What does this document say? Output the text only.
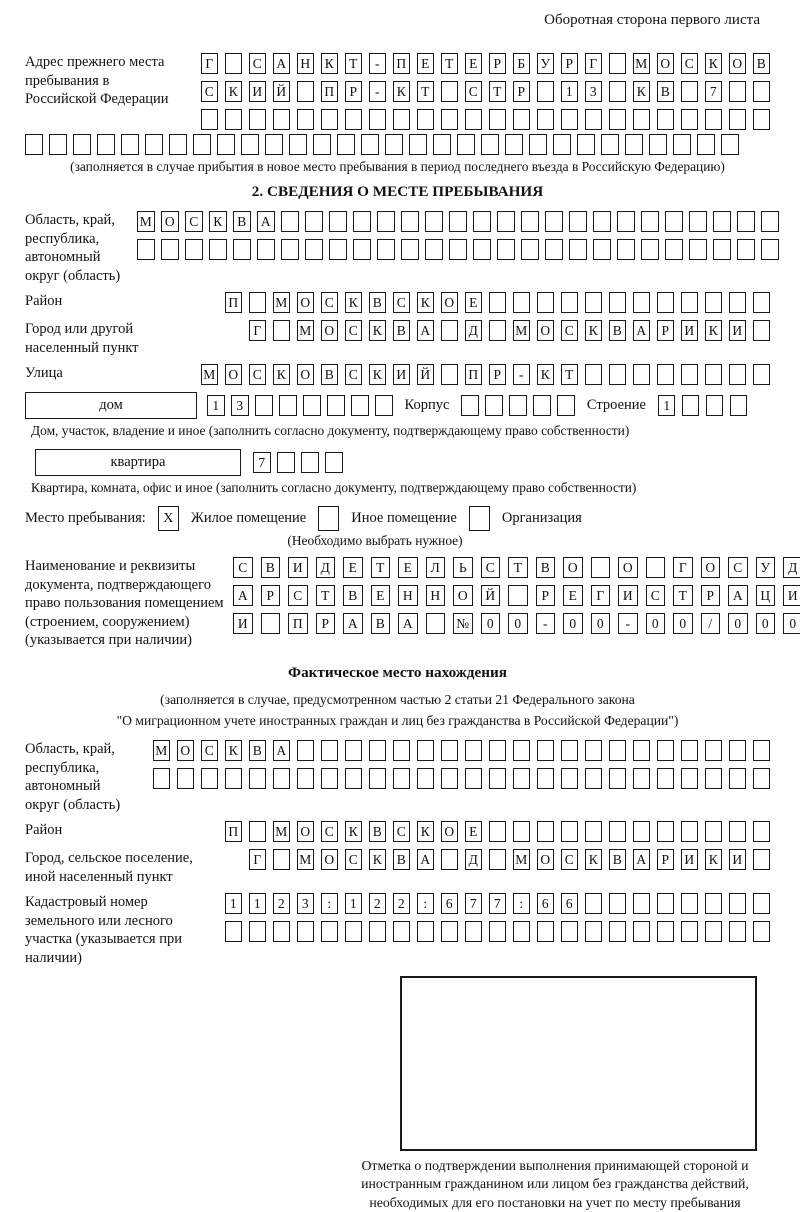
Оборотная сторона первого листа
Адрес прежнего места пребывания в Российской Федерации
Г	С	А Н	К	Т	-	П	Е	Т	Е	Р	Б	У	Р	Г	М О	С	К	О	В
С	К	И Й	П	Р	-	К	Т	С	Т	Р	1	3	К	В	7
(заполняется в случае прибытия в новое место пребывания в период последнего въезда в Российскую Федерацию)
2. СВЕДЕНИЯ О МЕСТЕ ПРЕБЫВАНИЯ
Область, край, республика, автономный округ (область)
М О	С	К	В	А
Район	П	М О	С	К	В	С	К	О	Е
Город или другой населенный пункт
Г	М О	С	К	В	А	Д	М О	С	К	В	А	Р	И	К	И
Улица	М О	С	К	О	В	С	К	И Й	П	Р	-	К	Т
дом	1	3	Корпус	Строение	1
Дом, участок, владение и иное (заполнить согласно документу, подтверждающему право собственности)
квартира	7
Квартира, комната, офис и иное (заполнить согласно документу, подтверждающему право собственности)
Место пребывания: X Жилое помещение	Иное помещение	Организация
(Необходимо выбрать нужное)
Наименование и реквизиты документа, подтверждающего право пользования помещением (строением, сооружением) (указывается при наличии)
С	В	И	Д	Е	Т	Е	Л	Ь	С	Т	В	О	О	Г	О	С	У	Д
А	Р	С	Т	В	Е	Н	Н	О	Й	Р	Е	Г	И	С	Т	Р	А	Ц	И
И	П	Р	А	В	А	№	0	0	-	0	0	-	0	0	/	0	0	0
Фактическое место нахождения
(заполняется в случае, предусмотренном частью 2 статьи 21 Федерального закона
"О миграционном учете иностранных граждан и лиц без гражданства в Российской Федерации")
Область, край, республика, автономный округ (область)
М О	С	К	В	А
Район	П	М О	С	К	В	С	К	О	Е
Город, сельское поселение, иной населенный пункт
Г	М О	С	К	В	А	Д	М О	С	К	В	А	Р	И	К	И
Кадастровый номер земельного или лесного участка (указывается при наличии)
1	1	2	3	:	1	2	2	:	6	7	7	:	6	6
Отметка о подтверждении выполнения принимающей стороной и иностранным гражданином или лицом без гражданства действий, необходимых для его постановки на учет по месту пребывания
